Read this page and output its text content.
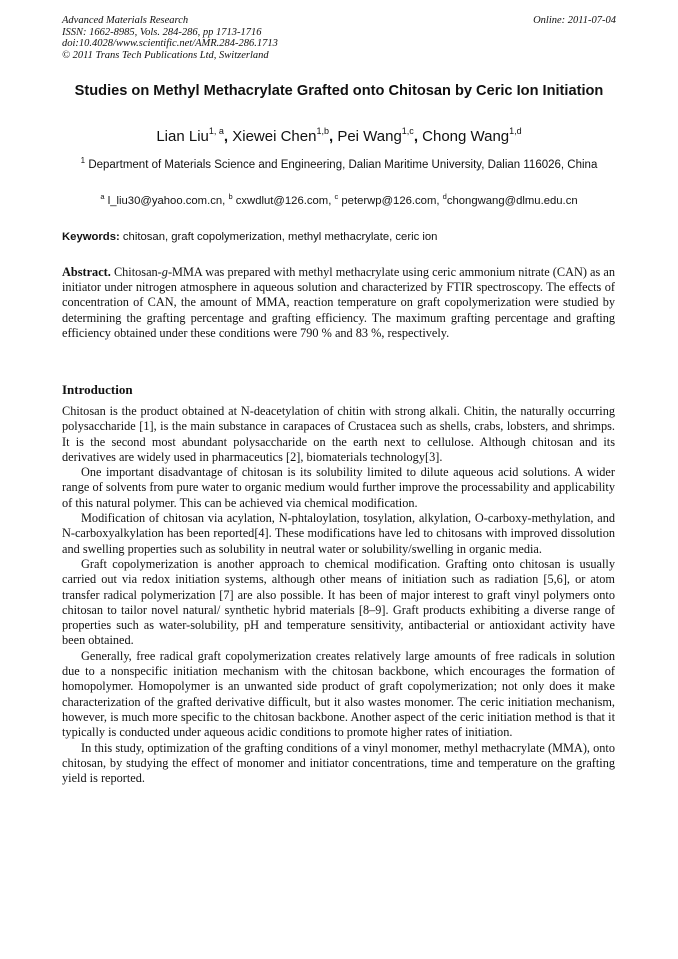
Advanced Materials Research
ISSN: 1662-8985, Vols. 284-286, pp 1713-1716
doi:10.4028/www.scientific.net/AMR.284-286.1713
© 2011 Trans Tech Publications Ltd, Switzerland
Online: 2011-07-04
Studies on Methyl Methacrylate Grafted onto Chitosan by Ceric Ion Initiation
Lian Liu$^{1, a}$, Xiewei Chen$^{1,b}$, Pei Wang$^{1,c}$, Chong Wang$^{1,d}$
$^1$ Department of Materials Science and Engineering, Dalian Maritime University, Dalian 116026, China
$^a$ l_liu30@yahoo.com.cn, $^b$ cxwdlut@126.com, $^c$ peterwp@126.com, $^d$chongwang@dlmu.edu.cn
Keywords: chitosan, graft copolymerization, methyl methacrylate, ceric ion
Abstract. Chitosan-g-MMA was prepared with methyl methacrylate using ceric ammonium nitrate (CAN) as an initiator under nitrogen atmosphere in aqueous solution and characterized by FTIR spectroscopy. The effects of concentration of CAN, the amount of MMA, reaction temperature on graft copolymerization were studied by determining the grafting percentage and grafting efficiency. The maximum grafting percentage and grafting efficiency obtained under these conditions were 790 % and 83 %, respectively.
Introduction

Chitosan is the product obtained at N-deacetylation of chitin with strong alkali. Chitin, the naturally occurring polysaccharide [1], is the main substance in carapaces of Crustacea such as shells, crabs, lobsters, and shrimps. It is the second most abundant polysaccharide on the earth next to cellulose. Although chitosan and its derivatives are widely used in pharmaceutics [2], biomaterials technology[3].

One important disadvantage of chitosan is its solubility limited to dilute aqueous acid solutions. A wider range of solvents from pure water to organic medium would further improve the processability and applicability of this natural polymer. This can be achieved via chemical modification.

Modification of chitosan via acylation, N-phtaloylation, tosylation, alkylation, O-carboxy-methylation, and N-carboxyalkylation has been reported[4]. These modifications have led to chitosans with improved dissolution and swelling properties such as solubility in neutral water or solubility/swelling in organic media.

Graft copolymerization is another approach to chemical modification. Grafting onto chitosan is usually carried out via redox initiation systems, although other means of initiation such as radiation [5,6], or atom transfer radical polymerization [7] are also possible. It has been of major interest to graft vinyl polymers onto chitosan to tailor novel natural/ synthetic hybrid materials [8–9]. Graft products exhibiting a diverse range of properties such as water-solubility, pH and temperature sensitivity, antibacterial or antioxidant activity have been obtained.

Generally, free radical graft copolymerization creates relatively large amounts of free radicals in solution due to a nonspecific initiation mechanism with the chitosan backbone, which encourages the formation of homopolymer. Homopolymer is an unwanted side product of graft copolymerization; not only does it make characterization of the grafted derivative difficult, but it also wastes monomer. The ceric initiation mechanism, however, is much more specific to the chitosan backbone. Another aspect of the ceric initiation method is that it typically is conducted under aqueous acidic conditions to promote higher rates of initiation.

In this study, optimization of the grafting conditions of a vinyl monomer, methyl methacrylate (MMA), onto chitosan, by studying the effect of monomer and initiator concentrations, time and temperature on the grafting yield is reported.
